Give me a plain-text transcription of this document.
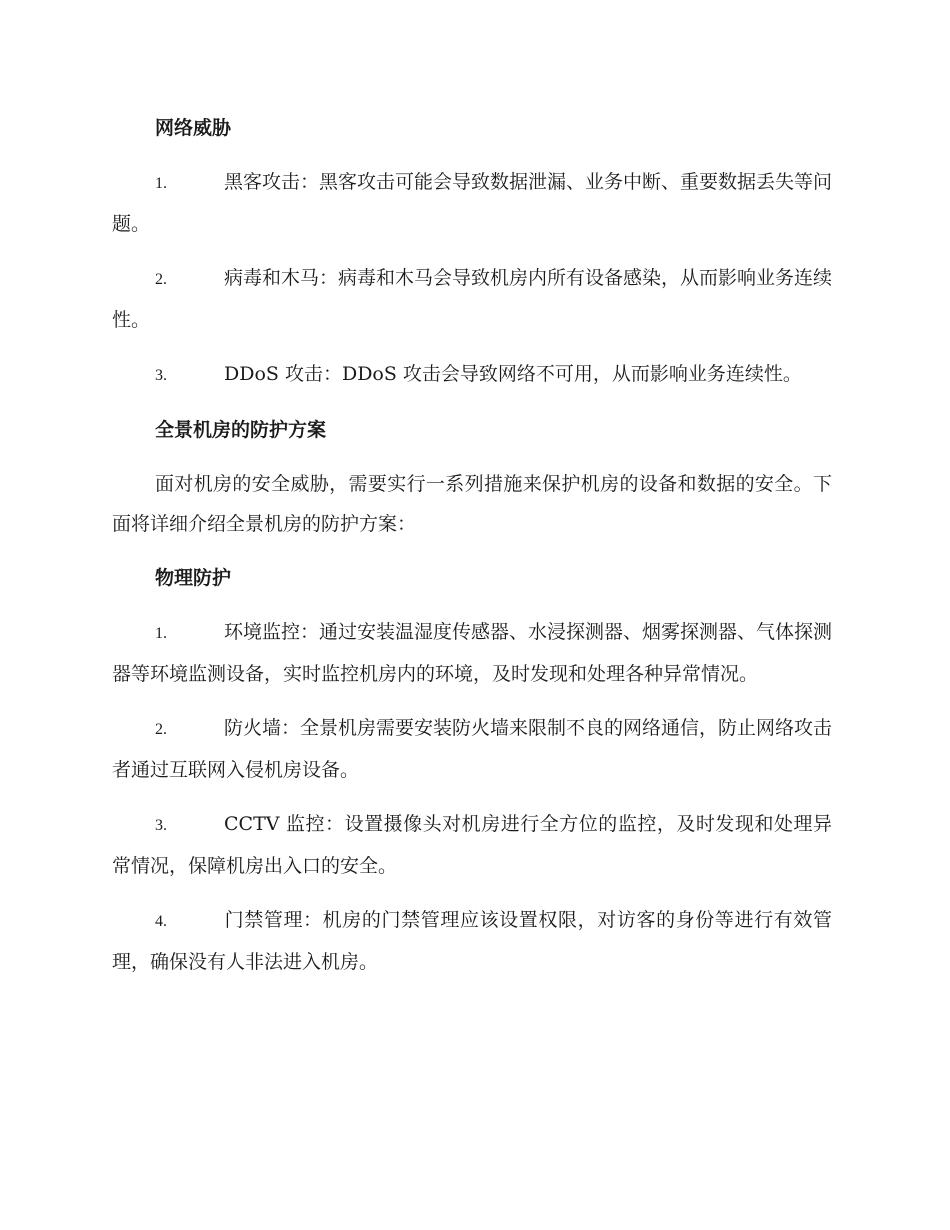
网络威胁
1.	黑客攻击：黑客攻击可能会导致数据泄漏、业务中断、重要数据丢失等问题。
2.	病毒和木马：病毒和木马会导致机房内所有设备感染，从而影响业务连续性。
3.	DDoS 攻击：DDoS 攻击会导致网络不可用，从而影响业务连续性。
全景机房的防护方案
面对机房的安全威胁，需要实行一系列措施来保护机房的设备和数据的安全。下面将详细介绍全景机房的防护方案：
物理防护
1.	环境监控：通过安装温湿度传感器、水浸探测器、烟雾探测器、气体探测器等环境监测设备，实时监控机房内的环境，及时发现和处理各种异常情况。
2.	防火墙：全景机房需要安装防火墙来限制不良的网络通信，防止网络攻击者通过互联网入侵机房设备。
3.	CCTV 监控：设置摄像头对机房进行全方位的监控，及时发现和处理异常情况，保障机房出入口的安全。
4.	门禁管理：机房的门禁管理应该设置权限，对访客的身份等进行有效管理，确保没有人非法进入机房。
